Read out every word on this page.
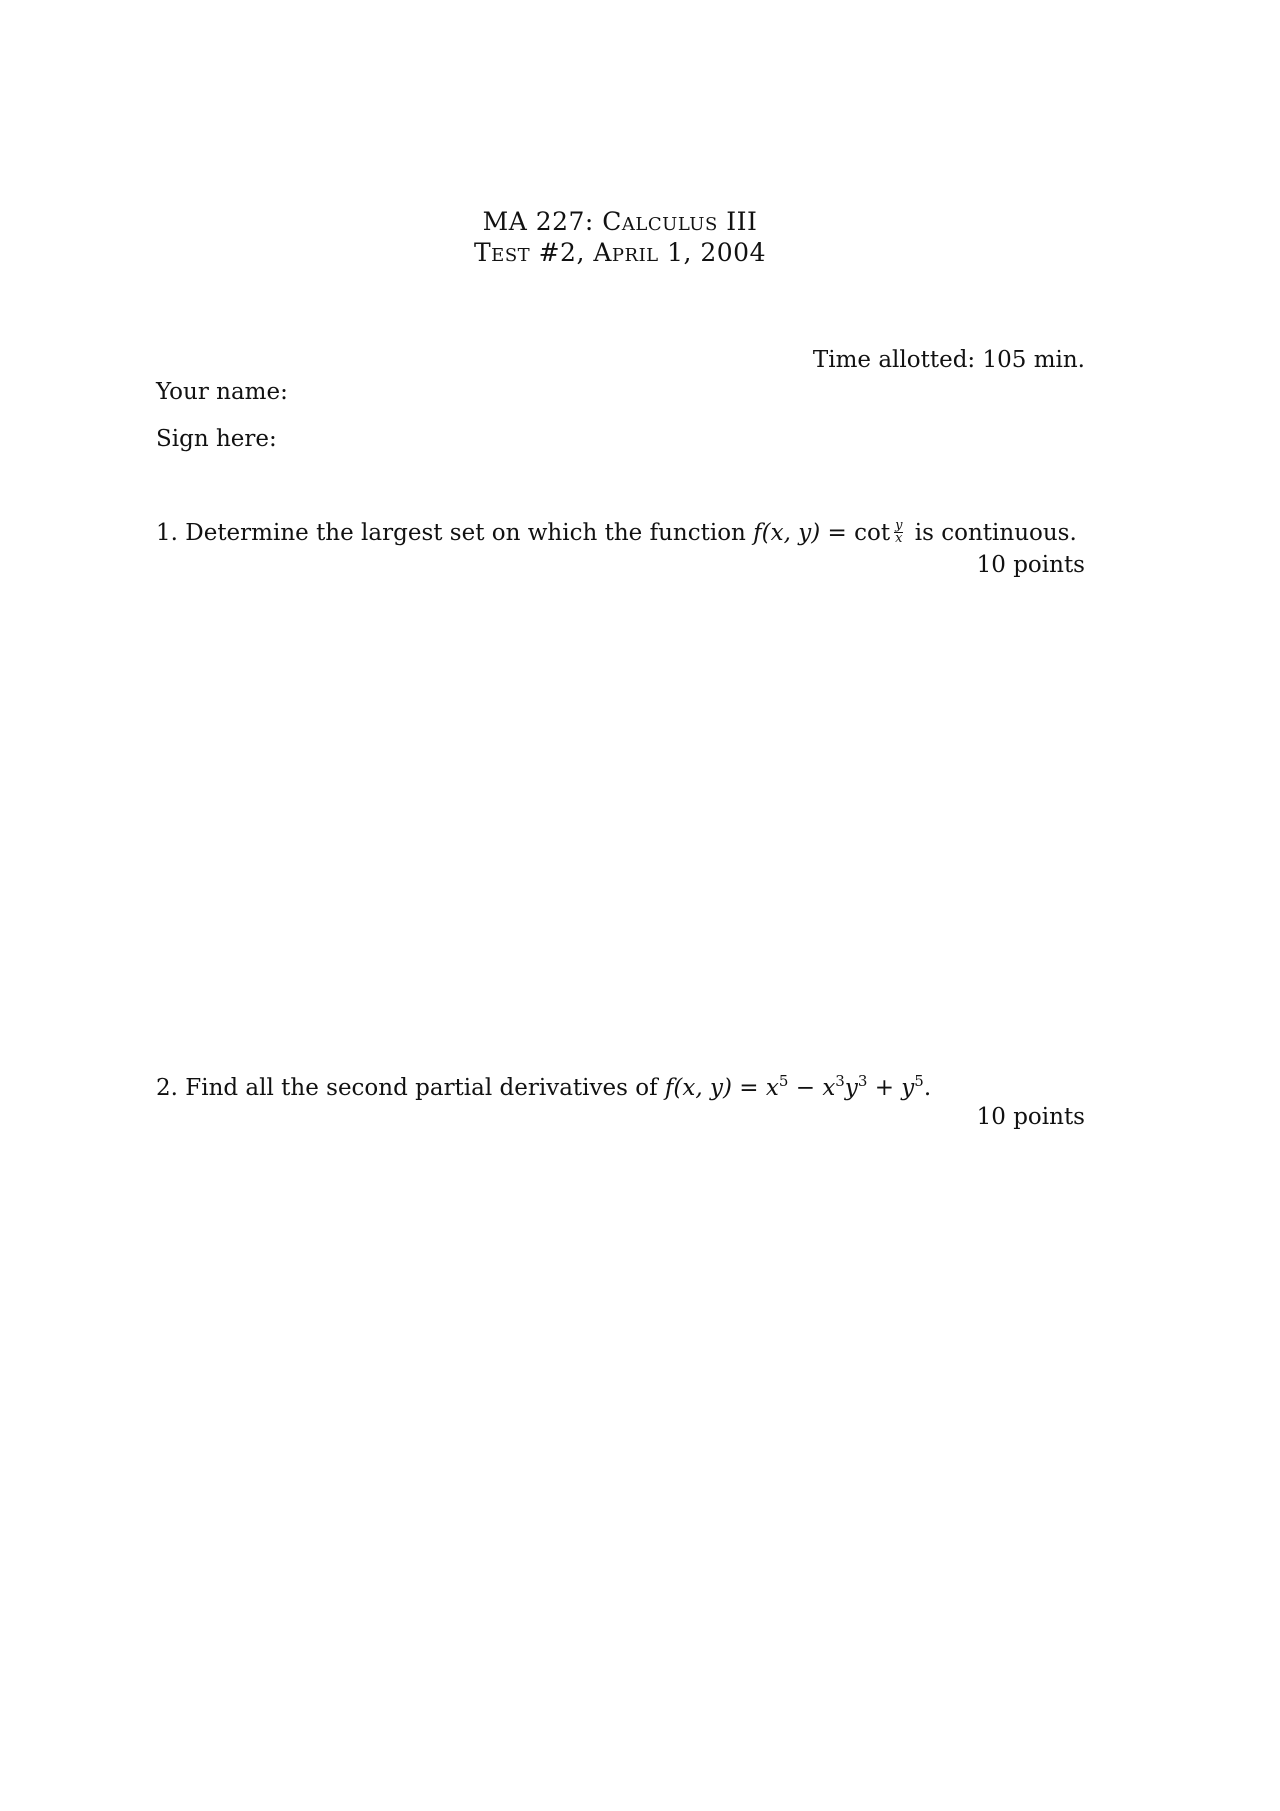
MA 227: Calculus III
Test #2, April 1, 2004
Time allotted: 105 min.
Your name:
Sign here:
1. Determine the largest set on which the function f(x, $y) = \cot \frac{y}{x}$ is continuous.
10 points
2. Find all the second partial derivatives of f(x, $y) = x^5 - x^3y^3 + y^5$.
10 points
